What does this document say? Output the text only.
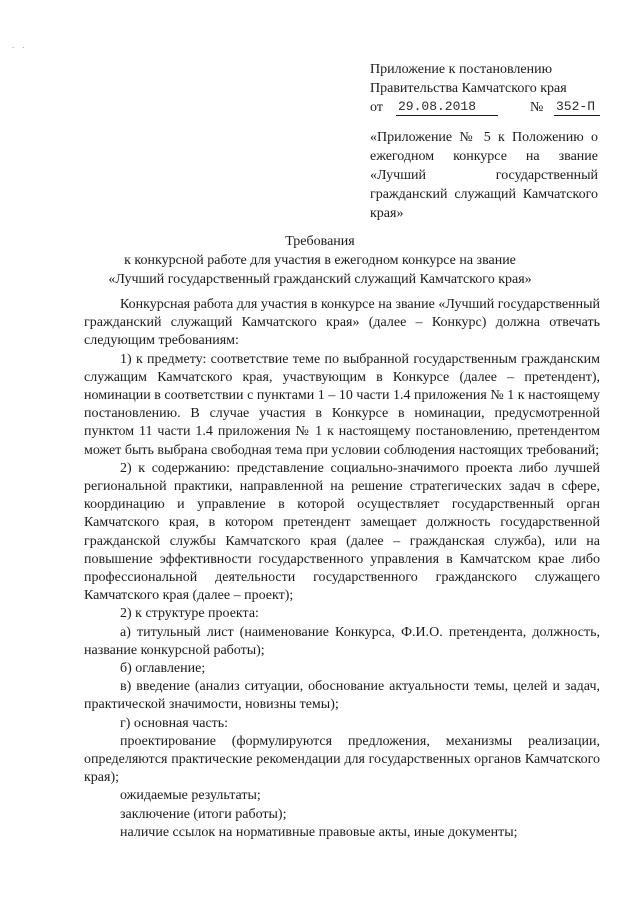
. .
Приложение к постановлению
Правительства Камчатского края
от 29.08.2018	№ 352-П
«Приложение № 5 к Положению о ежегодном конкурсе на звание «Лучший государственный гражданский служащий Камчатского края»
Требования
к конкурсной работе для участия в ежегодном конкурсе на звание
«Лучший государственный гражданский служащий Камчатского края»

Конкурсная работа для участия в конкурсе на звание «Лучший государственный гражданский служащий Камчатского края» (далее – Конкурс) должна отвечать следующим требованиям:

1) к предмету: соответствие теме по выбранной государственным гражданским служащим Камчатского края, участвующим в Конкурсе (далее – претендент), номинации в соответствии с пунктами 1 – 10 части 1.4 приложения № 1 к настоящему постановлению. В случае участия в Конкурсе в номинации, предусмотренной пунктом 11 части 1.4 приложения № 1 к настоящему постановлению, претендентом может быть выбрана свободная тема при условии соблюдения настоящих требований;

2) к содержанию: представление социально-значимого проекта либо лучшей региональной практики, направленной на решение стратегических задач в сфере, координацию и управление в которой осуществляет государственный орган Камчатского края, в котором претендент замещает должность государственной гражданской службы Камчатского края (далее – гражданская служба), или на повышение эффективности государственного управления в Камчатском крае либо профессиональной деятельности государственного гражданского служащего Камчатского края (далее – проект);

2) к структуре проекта:

а) титульный лист (наименование Конкурса, Ф.И.О. претендента, должность, название конкурсной работы);

б) оглавление;

в) введение (анализ ситуации, обоснование актуальности темы, целей и задач, практической значимости, новизны темы);

г) основная часть:

проектирование (формулируются предложения, механизмы реализации, определяются практические рекомендации для государственных органов Камчатского края);

ожидаемые результаты;

заключение (итоги работы);

наличие ссылок на нормативные правовые акты, иные документы;
